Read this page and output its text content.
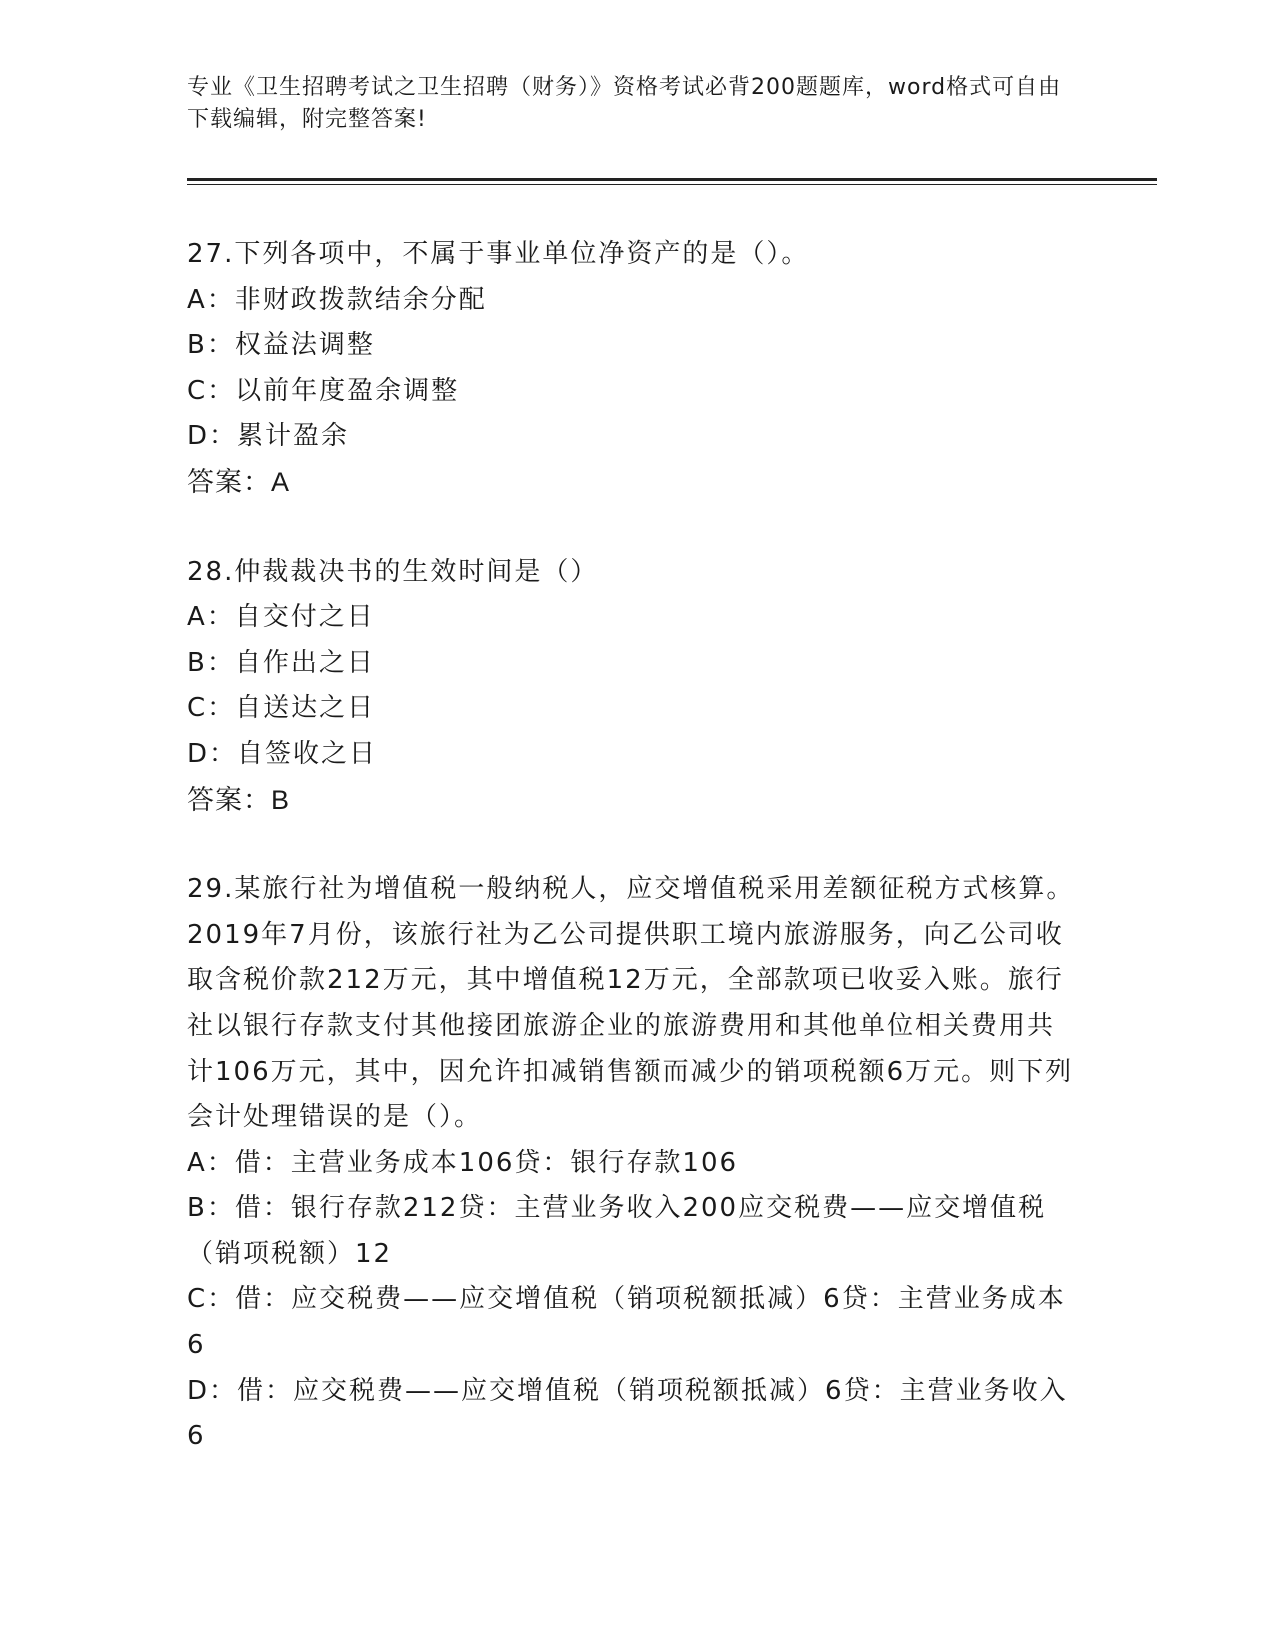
专业《卫生招聘考试之卫生招聘（财务）》资格考试必背200题题库，word格式可自由下载编辑，附完整答案!

27.下列各项中，不属于事业单位净资产的是（）。

A：非财政拨款结余分配

B：权益法调整

C：以前年度盈余调整

D：累计盈余

答案：A

28.仲裁裁决书的生效时间是（）

A：自交付之日

B：自作出之日

C：自送达之日

D：自签收之日

答案：B

29.某旅行社为增值税一般纳税人，应交增值税采用差额征税方式核算。2019年7月份，该旅行社为乙公司提供职工境内旅游服务，向乙公司收取含税价款212万元，其中增值税12万元，全部款项已收妥入账。旅行社以银行存款支付其他接团旅游企业的旅游费用和其他单位相关费用共计106万元，其中，因允许扣减销售额而减少的销项税额6万元。则下列会计处理错误的是（）。

A：借：主营业务成本106贷：银行存款106

B：借：银行存款212贷：主营业务收入200应交税费——应交增值税（销项税额）12

C：借：应交税费——应交增值税（销项税额抵减）6贷：主营业务成本6

D：借：应交税费——应交增值税（销项税额抵减）6贷：主营业务收入6
